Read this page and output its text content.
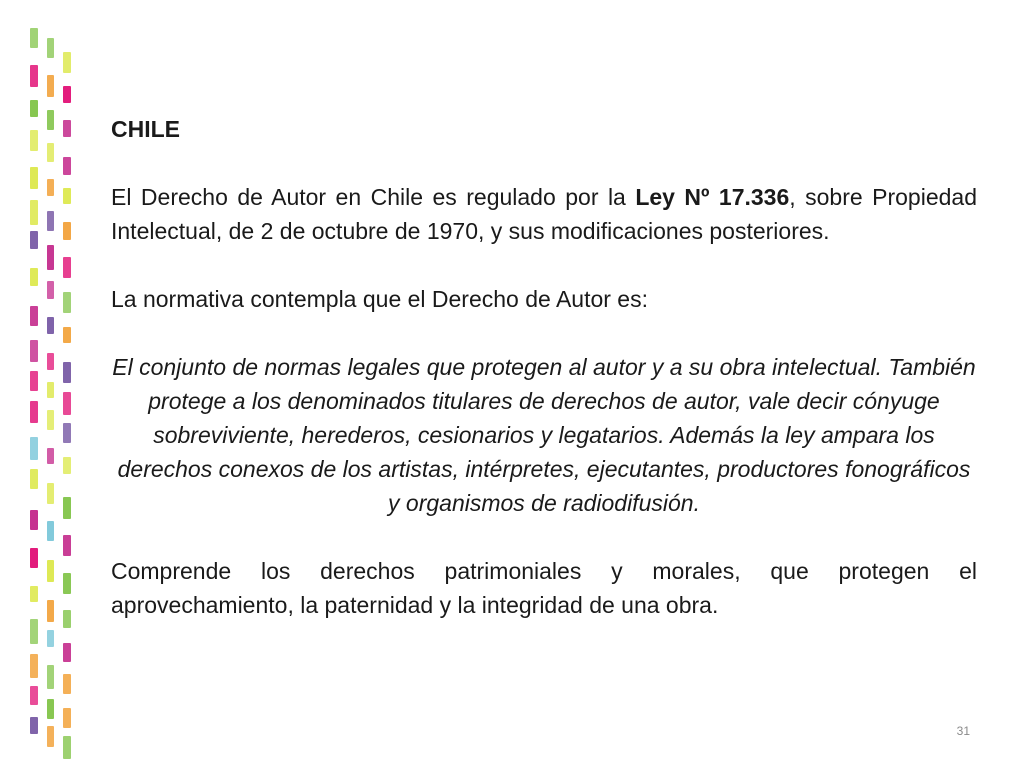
CHILE

El Derecho de Autor en Chile es regulado por la Ley Nº 17.336, sobre Propiedad Intelectual, de 2 de octubre de 1970, y sus modificaciones posteriores.

La normativa contempla que el Derecho de Autor es:

El conjunto de normas legales que protegen al autor y a su obra intelectual. También protege a los denominados titulares de derechos de autor, vale decir cónyuge sobreviviente, herederos, cesionarios y legatarios. Además la ley ampara los derechos conexos de los artistas, intérpretes, ejecutantes, productores fonográficos y organismos de radiodifusión.

Comprende los derechos patrimoniales y morales, que protegen el aprovechamiento, la paternidad y la integridad de una obra.

31
